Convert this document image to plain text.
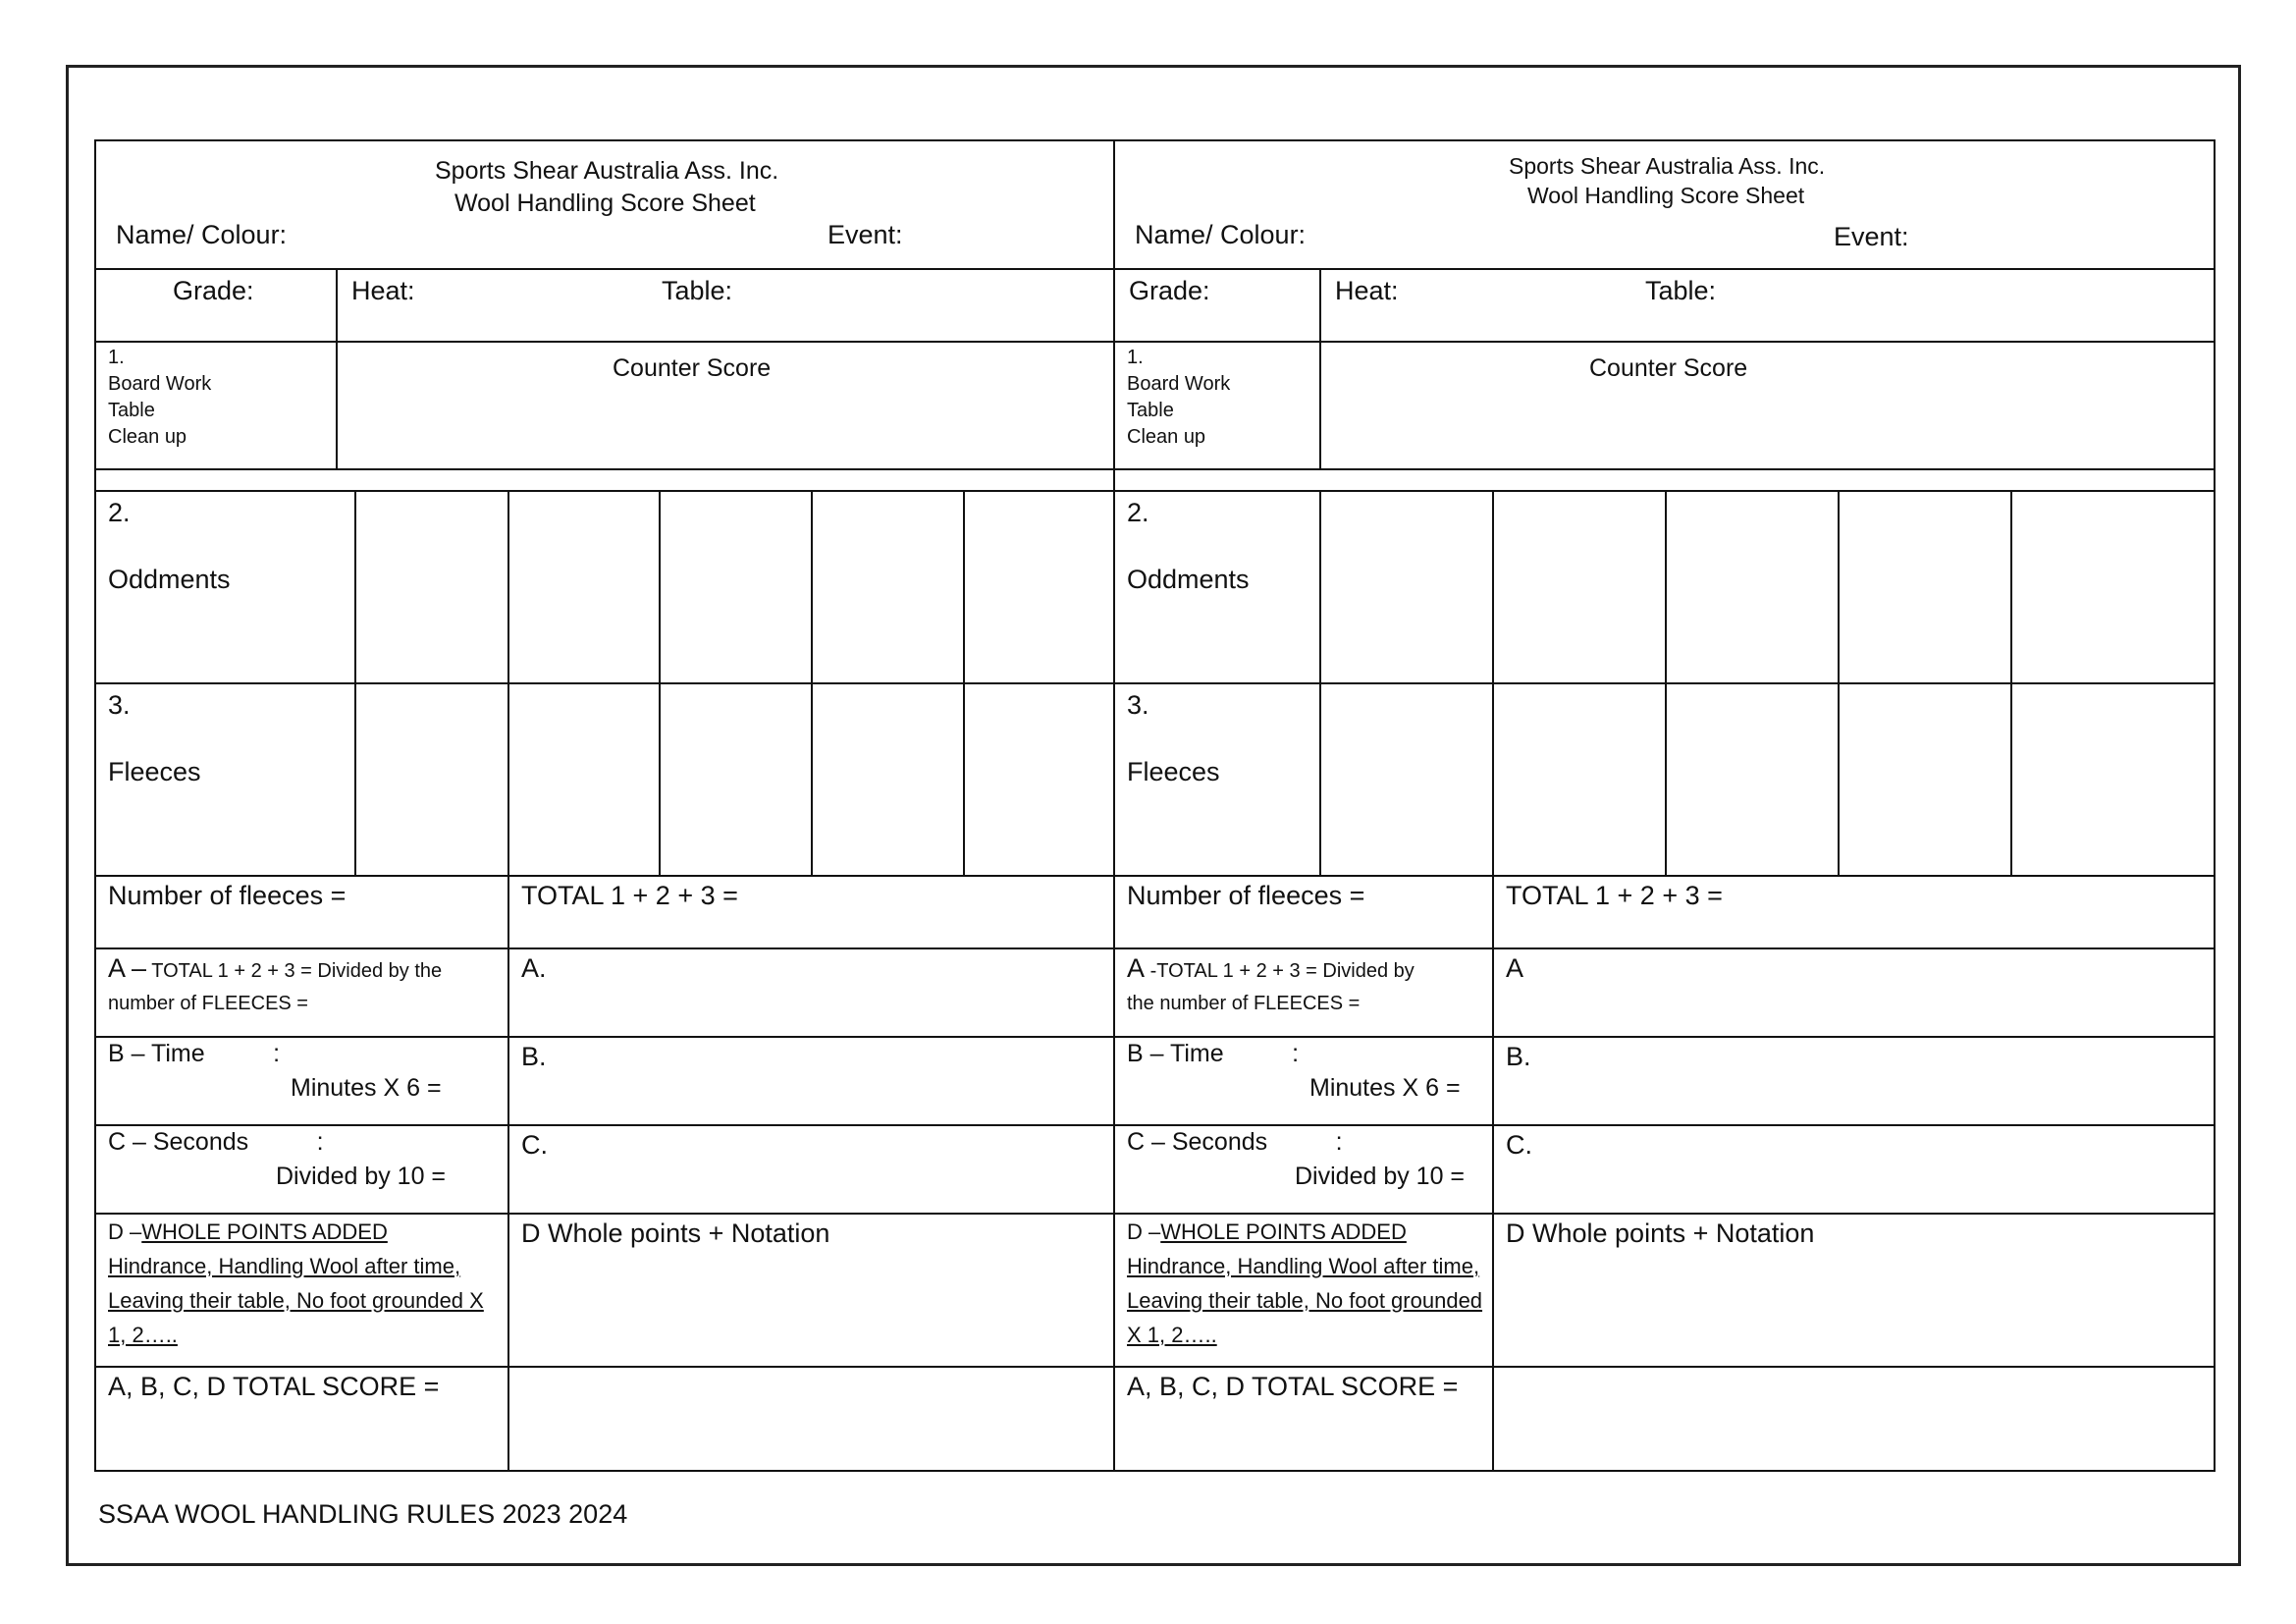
Sports Shear Australia Ass. Inc.
Wool Handling Score Sheet
Name/ Colour: Event:						

Grade:	Heat: Table:					

1.
Board Work
Table
Clean up	Counter Score					

2.
Oddments						

3.
Fleeces						

Number of fleeces =			TOTAL 1 + 2 + 3 =			

A – TOTAL 1 + 2 + 3 = Divided by the
number of FLEECES =			A.			

B – Time          :
Minutes X 6 =			B.			

C – Seconds          :
Divided by 10 =			C.			

D –WHOLE POINTS ADDED
Hindrance, Handling Wool after time, Leaving their table, No foot grounded X 1, 2…..			D Whole points + Notation			

A, B, C, D TOTAL SCORE =						

Sports Shear Australia Ass. Inc.
Wool Handling Score Sheet
Name/ Colour: Event:					

Grade:	Heat: Table:				

1.
Board Work
Table
Clean up	Counter Score				

2.
Oddments					

3.
Fleeces					

Number of fleeces =		TOTAL 1 + 2 + 3 =			

A -TOTAL 1 + 2 + 3 = Divided by
the number of FLEECES =		A			

B – Time          :
Minutes X 6 =		B.			

C – Seconds          :
Divided by 10 =		C.			

D –WHOLE POINTS ADDED
Hindrance, Handling Wool after time, Leaving their table, No foot grounded X 1, 2…..		D Whole points + Notation			

A, B, C, D TOTAL SCORE =					

SSAA WOOL HANDLING RULES 2023 2024
